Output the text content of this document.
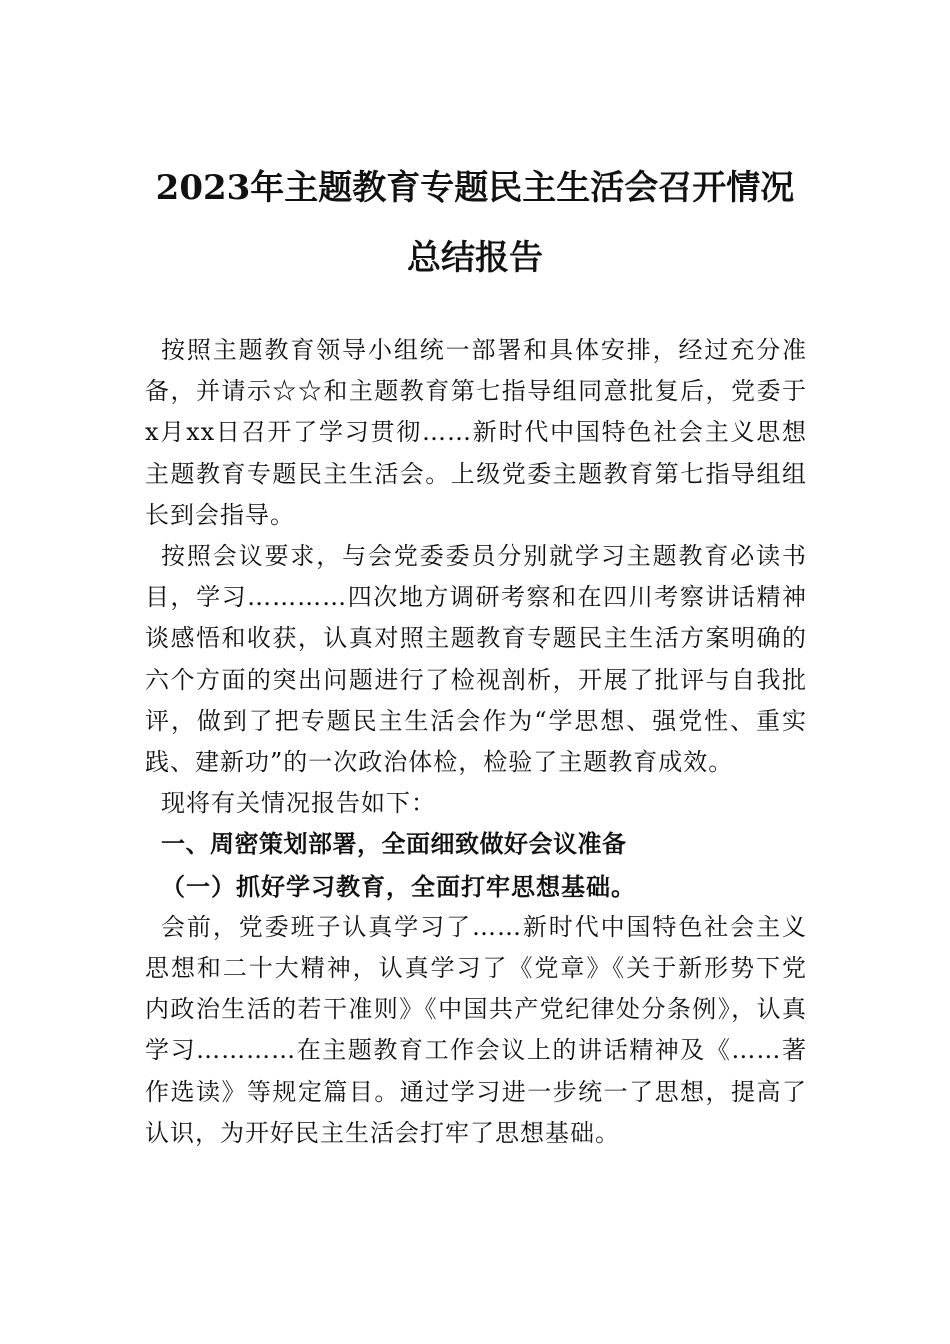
2023年主题教育专题民主生活会召开情况
总结报告

按照主题教育领导小组统一部署和具体安排，经过充分准备，并请示☆☆和主题教育第七指导组同意批复后，党委于x月xx日召开了学习贯彻……新时代中国特色社会主义思想主题教育专题民主生活会。上级党委主题教育第七指导组组长到会指导。

按照会议要求，与会党委委员分别就学习主题教育必读书目，学习…………四次地方调研考察和在四川考察讲话精神谈感悟和收获，认真对照主题教育专题民主生活方案明确的六个方面的突出问题进行了检视剖析，开展了批评与自我批评，做到了把专题民主生活会作为“学思想、强党性、重实践、建新功”的一次政治体检，检验了主题教育成效。

现将有关情况报告如下：

一、周密策划部署，全面细致做好会议准备

（一）抓好学习教育，全面打牢思想基础。

会前，党委班子认真学习了……新时代中国特色社会主义思想和二十大精神，认真学习了《党章》《关于新形势下党内政治生活的若干准则》《中国共产党纪律处分条例》，认真学习…………在主题教育工作会议上的讲话精神及《……著作选读》等规定篇目。通过学习进一步统一了思想，提高了认识，为开好民主生活会打牢了思想基础。
